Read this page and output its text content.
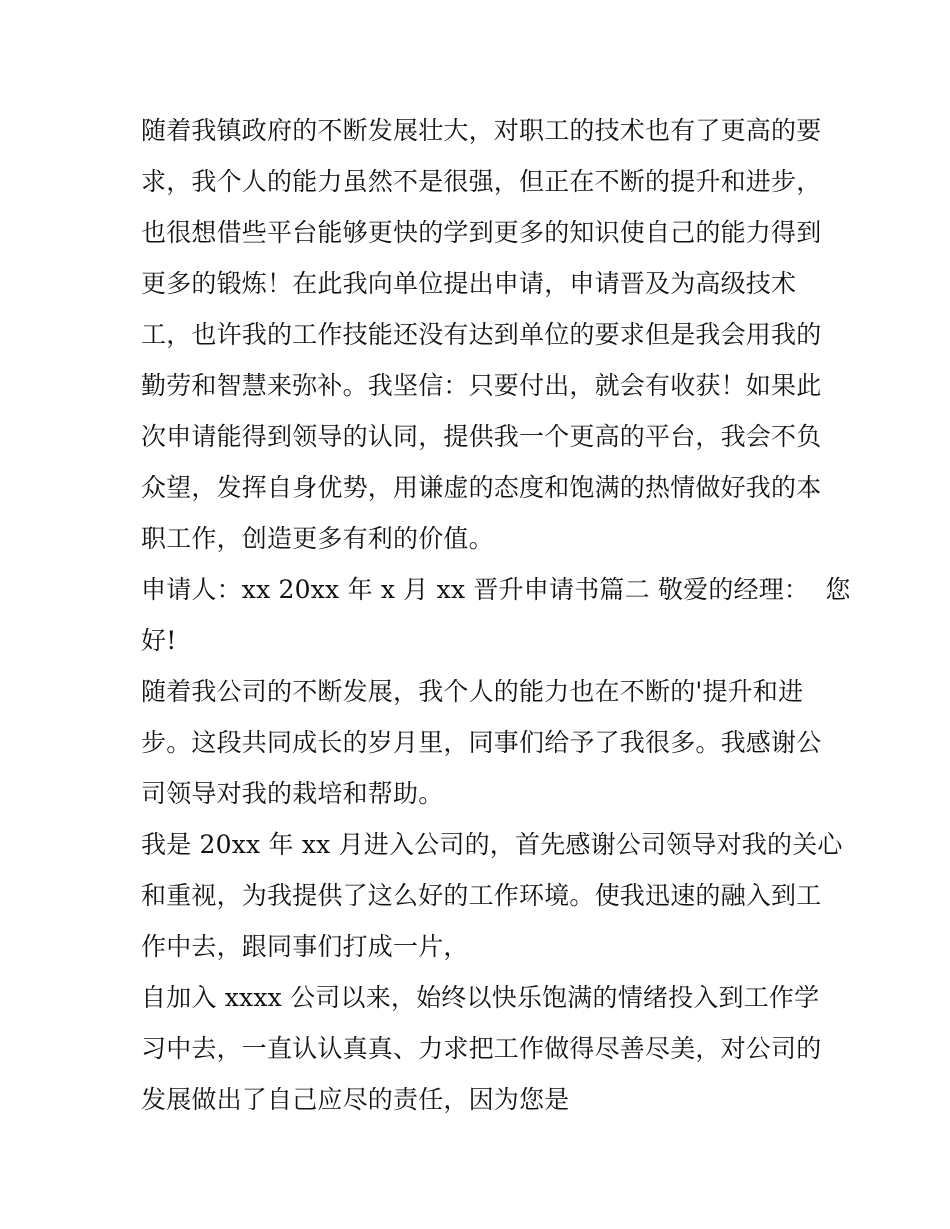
随着我镇政府的不断发展壮大，对职工的技术也有了更高的要
求，我个人的能力虽然不是很强，但正在不断的提升和进步，
也很想借些平台能够更快的学到更多的知识使自己的能力得到
更多的锻炼！在此我向单位提出申请，申请晋及为高级技术
工，也许我的工作技能还没有达到单位的要求但是我会用我的
勤劳和智慧来弥补。我坚信：只要付出，就会有收获！如果此
次申请能得到领导的认同，提供我一个更高的平台，我会不负
众望，发挥自身优势，用谦虚的态度和饱满的热情做好我的本
职工作，创造更多有利的价值。
申请人：xx 20xx 年 x 月 xx 晋升申请书篇二 敬爱的经理：  您
好!
随着我公司的不断发展，我个人的能力也在不断的'提升和进
步。这段共同成长的岁月里，同事们给予了我很多。我感谢公
司领导对我的栽培和帮助。
我是 20xx 年 xx 月进入公司的，首先感谢公司领导对我的关心
和重视，为我提供了这么好的工作环境。使我迅速的融入到工
作中去，跟同事们打成一片，
自加入 xxxx 公司以来，始终以快乐饱满的情绪投入到工作学
习中去，一直认认真真、力求把工作做得尽善尽美，对公司的
发展做出了自己应尽的责任，因为您是
